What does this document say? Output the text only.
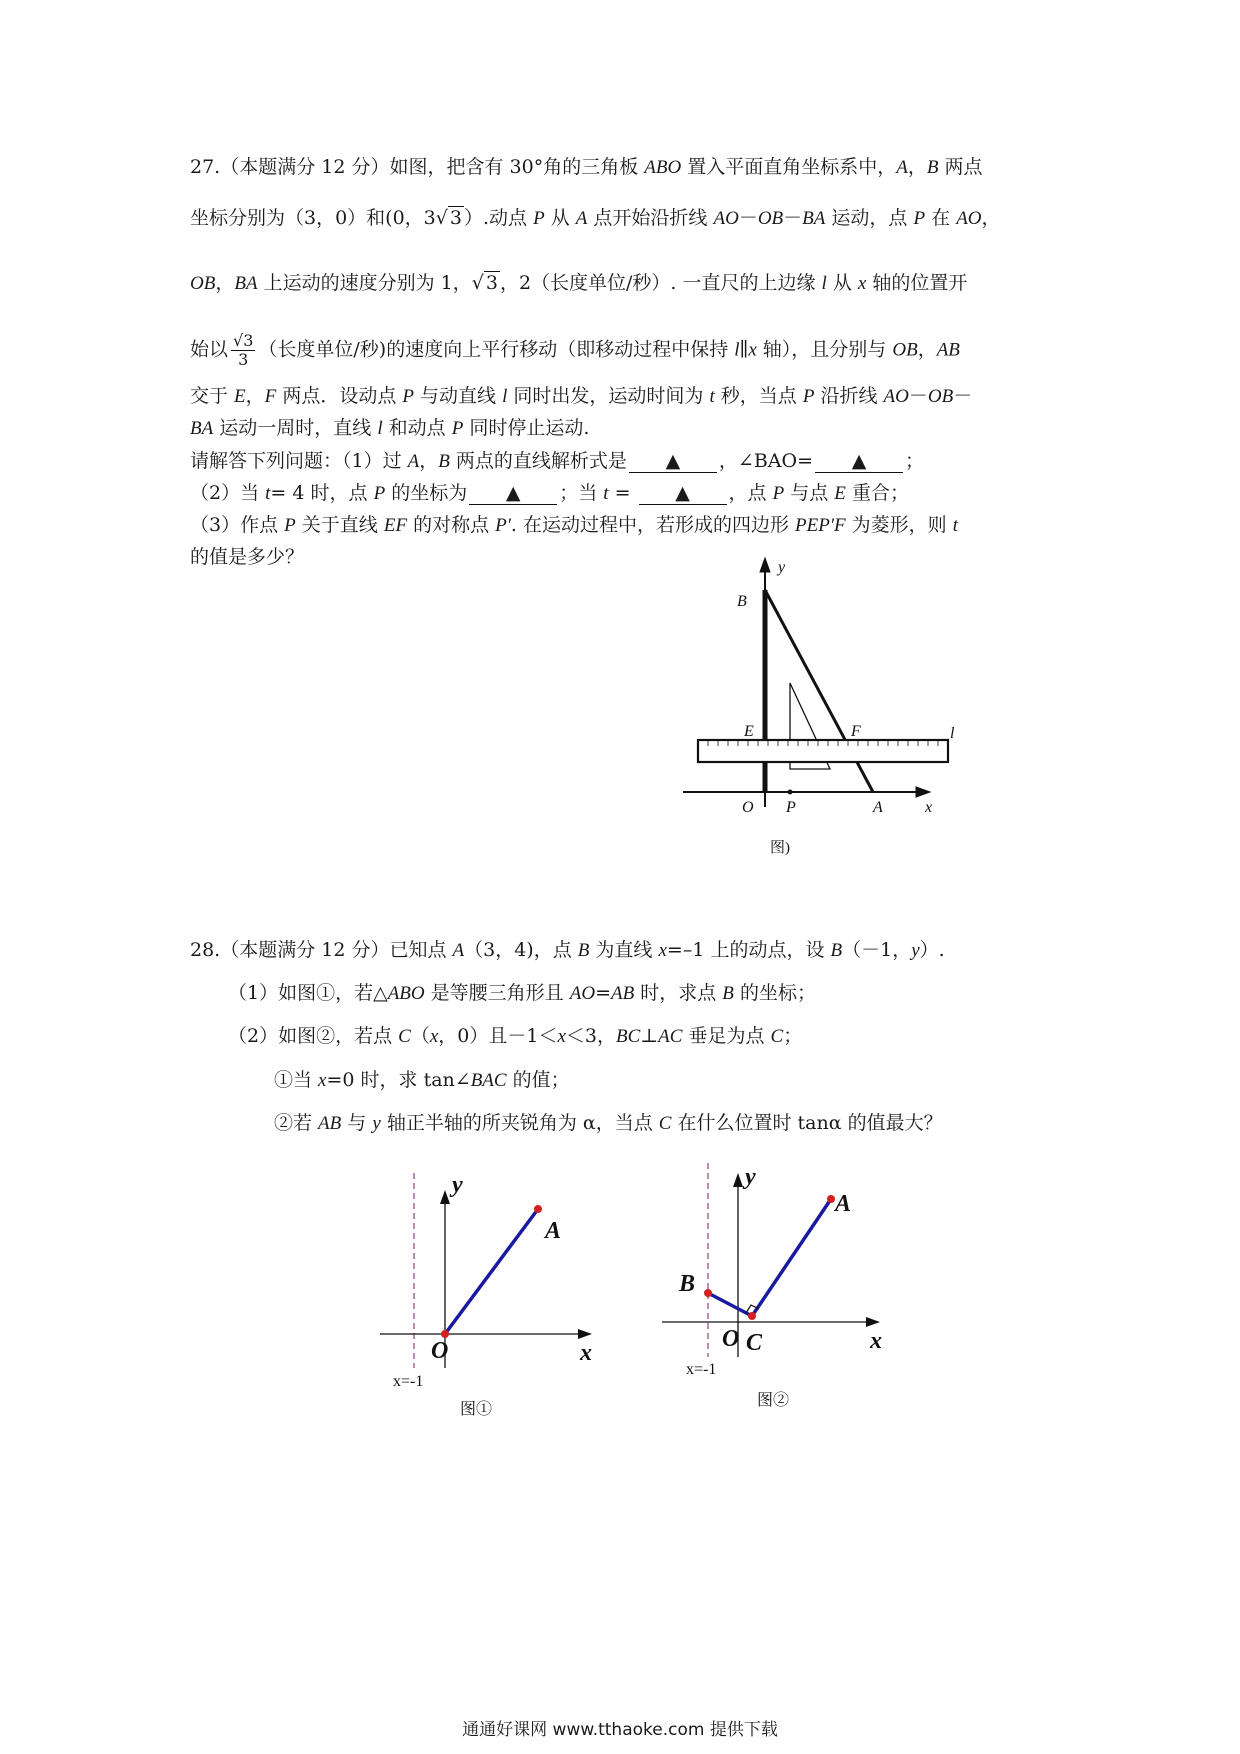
27.（本题满分 12 分）如图，把含有 30°角的三角板 ABO 置入平面直角坐标系中，A，B 两点
坐标分别为（3，0）和(0，3√ 3 ）.动点 P 从 A 点开始沿折线 AO－OB－BA 运动，点 P 在 AO，
OB，BA 上运动的速度分别为 1，√ 3 ，2（长度单位/秒）. 一直尺的上边缘 l 从 x 轴的位置开
始以 $\frac{√3}{3}$ （长度单位/秒)的速度向上平行移动（即移动过程中保持 l∥x 轴），且分别与 OB，AB
交于 E，F 两点．设动点 P 与动直线 l 同时出发，运动时间为 t 秒，当点 P 沿折线 AO－OB－
BA 运动一周时，直线 l 和动点 P 同时停止运动.
请解答下列问题：（1）过 A，B 两点的直线解析式是 ▲ ，∠BAO= ▲ ；
（2）当 t= 4 时，点 P 的坐标为 ▲ ；当 t = ▲ ，点 P 与点 E 重合；
（3）作点 P 关于直线 EF 的对称点 P′. 在运动过程中，若形成的四边形 PEP′F 为菱形，则 t
的值是多少？	y
B
E	F	l
O P	A	x
图)
28.（本题满分 12 分）已知点 A（3，4)，点 B 为直线 x=–1 上的动点，设 B（－1，y）.
（1）如图①，若△ABO 是等腰三角形且 AO=AB 时，求点 B 的坐标；
（2）如图②，若点 C（x，0）且－1＜x＜3，BC⊥AC 垂足为点 C；
①当 x=0 时，求 tan∠BAC 的值；
②若 AB 与 y 轴正半轴的所夹锐角为 α，当点 C 在什么位置时 tanα 的值最大？
y
A
O	x
x=-1
图①
y
A
B
O C	x
x=-1
图②
通通好课网 www.tthaoke.com 提供下载
